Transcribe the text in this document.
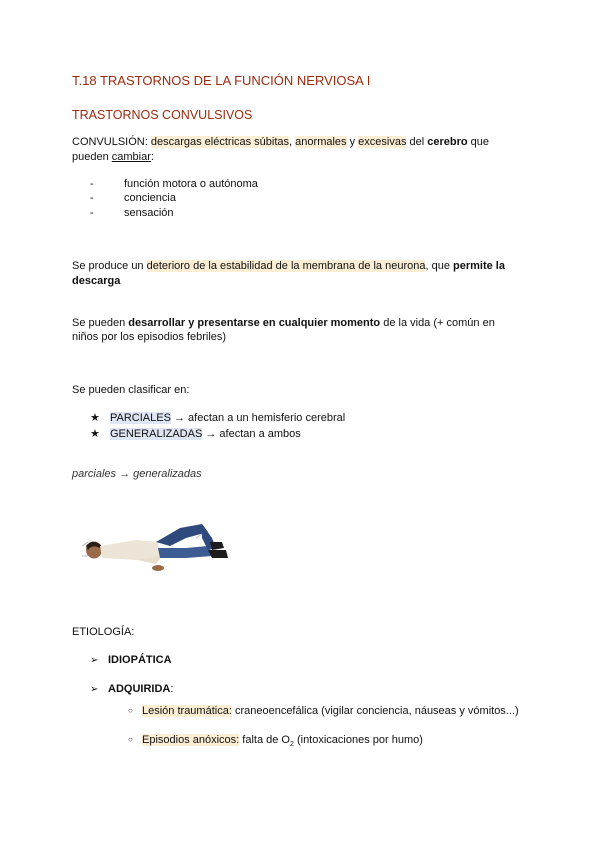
T.18 TRASTORNOS DE LA FUNCIÓN NERVIOSA I
TRASTORNOS CONVULSIVOS
CONVULSIÓN: descargas eléctricas súbitas, anormales y excesivas del cerebro que
pueden cambiar:
-	función motora o autónoma
-	conciencia
-	sensación
Se produce un deterioro de la estabilidad de la membrana de la neurona, que permite la
descarga
Se pueden desarrollar y presentarse en cualquier momento de la vida (+ común en
niños por los episodios febriles)
Se pueden clasificar en:
★ PARCIALES → afectan a un hemisferio cerebral
★ GENERALIZADAS → afectan a ambos
parciales → generalizadas
ETIOLOGÍA:
➢ IDIOPÁTICA
➢ ADQUIRIDA:
○ Lesión traumática: craneoencefálica (vigilar conciencia, náuseas y vómitos...)
○ Episodios anóxicos: falta de $O_2$ (intoxicaciones por humo)
